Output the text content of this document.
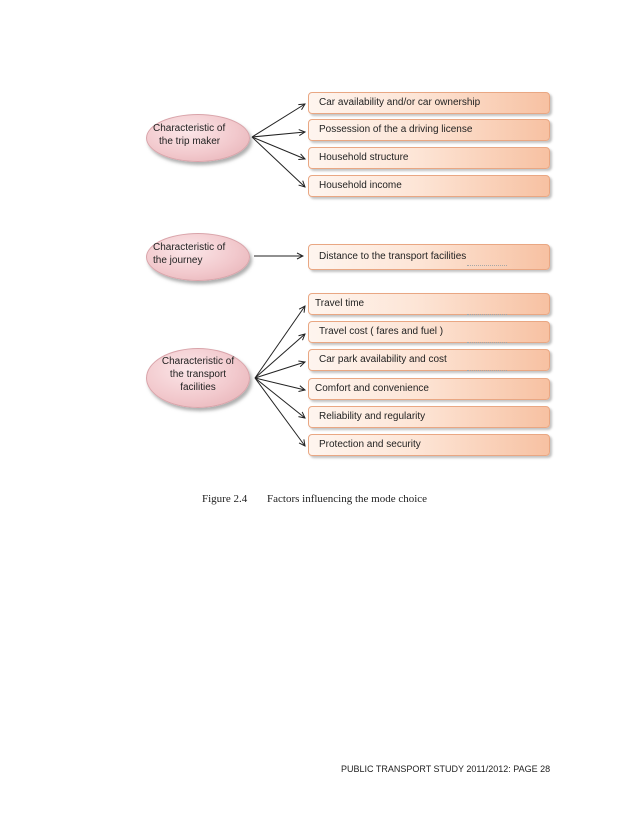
Characteristic of
the trip maker
Car availability and/or car ownership
Possession of the a driving license
Household structure
Household income
Characteristic of
the journey	Distance to the transport facilities
Characteristic of
the transport
facilities
Travel time
Travel cost ( fares and fuel )
Car park availability and cost
Comfort and convenience
Reliability and regularity
Protection and security
Figure 2.4 Factors influencing the mode choice
PUBLIC TRANSPORT STUDY 2011/2012: PAGE 28
